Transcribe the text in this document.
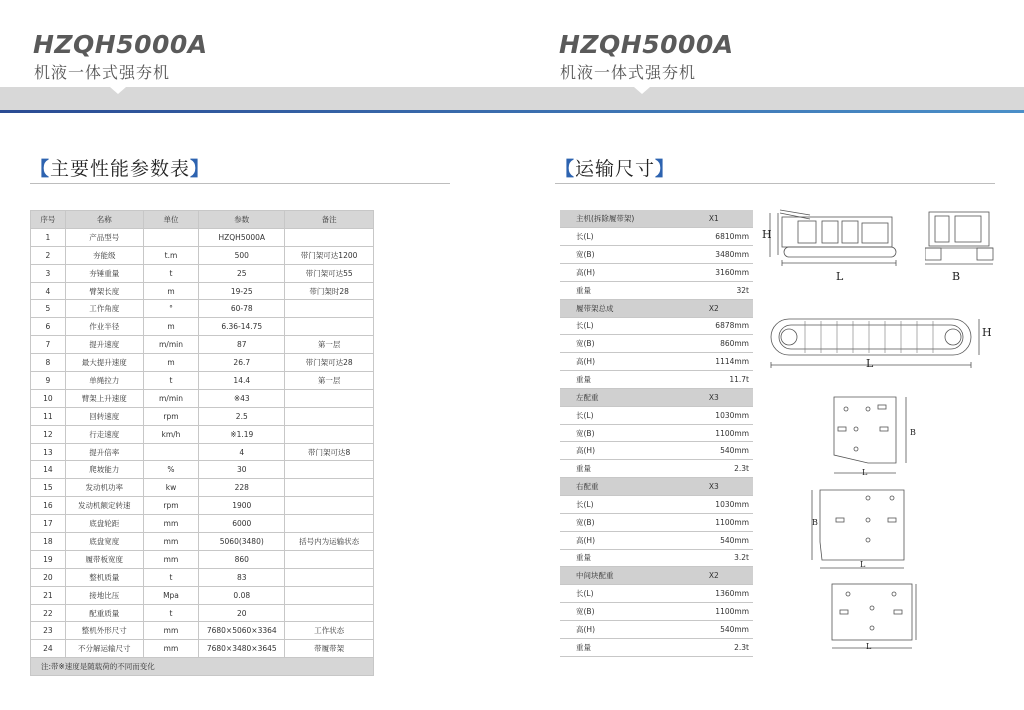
HZQH5000A
机液一体式强夯机
HZQH5000A
机液一体式强夯机
【主要性能参数表】	【运输尺寸】
序号	名称	单位	参数	备注
1	产品型号		HZQH5000A	
2	夯能级	t.m	500	带门架可达1200
3	夯锤重量	t	25	带门架可达55
4	臂架长度	m	19-25	带门架时28
5	工作角度	°	60-78	
6	作业半径	m	6.36-14.75	
7	提升速度	m/min	87	第一层
8	最大提升速度	m	26.7	带门架可达28
9	单绳拉力	t	14.4	第一层
10	臂架上升速度	m/min	※43	
11	回转速度	rpm	2.5	
12	行走速度	km/h	※1.19	
13	提升倍率		4	带门架可达8
14	爬坡能力	%	30	
15	发动机功率	kw	228	
16	发动机额定转速	rpm	1900	
17	底盘轮距	mm	6000	
18	底盘宽度	mm	5060(3480)	括号内为运输状态
19	履带板宽度	mm	860	
20	整机质量	t	83	
21	接地比压	Mpa	0.08	
22	配重质量	t	20	
23	整机外形尺寸	mm	7680×5060×3364	工作状态
24	不分解运输尺寸	mm	7680×3480×3645	带履带架
注:带※速度是随载荷的不同而变化				
主机(拆除履带架)	X1
长(L)	6810mm
宽(B)	3480mm
高(H)	3160mm
重量	32t
履带架总成	X2
长(L)	6878mm
宽(B)	860mm
高(H)	1114mm
重量	11.7t
左配重	X3
长(L)	1030mm
宽(B)	1100mm
高(H)	540mm
重量	2.3t
右配重	X3
长(L)	1030mm
宽(B)	1100mm
高(H)	540mm
重量	3.2t
中间块配重	X2
长(L)	1360mm
宽(B)	1100mm
高(H)	540mm
重量	2.3t
H
L	B
H
L
B
L
B
L
L
